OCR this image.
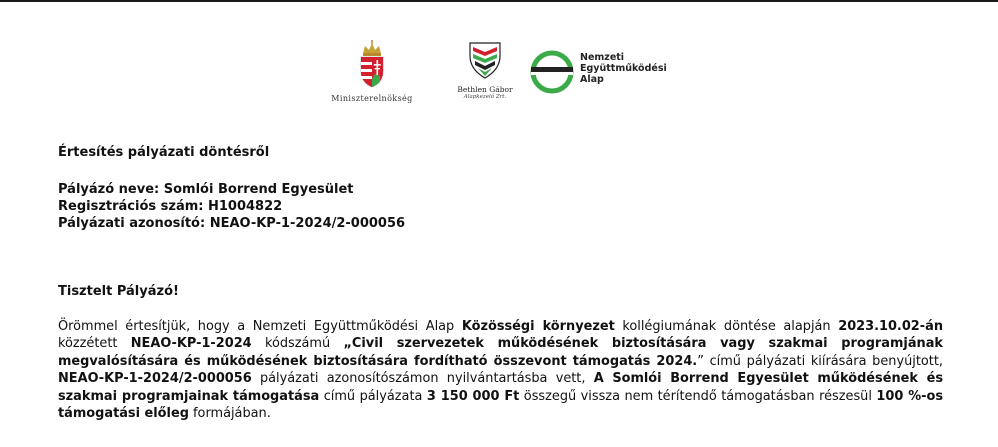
Miniszterelnökség
Bethlen Gábor
Alapkezelő Zrt.
Nemzeti
Együttműködési
Alap
Értesítés pályázati döntésről
Pályázó neve: Somlói Borrend Egyesület
Regisztrációs szám: H1004822
Pályázati azonosító: NEAO-KP-1-2024/2-000056
Tisztelt Pályázó!
Örömmel értesítjük, hogy a Nemzeti Együttműködési Alap Közösségi környezet kollégiumának döntése alapján 2023.10.02-án közzétett NEAO-KP-1-2024 kódszámú „Civil szervezetek működésének biztosítására vagy szakmai programjának megvalósítására és működésének biztosítására fordítható összevont támogatás 2024.” című pályázati kiírására benyújtott, NEAO-KP-1-2024/2-000056 pályázati azonosítószámon nyilvántartásba vett, A Somlói Borrend Egyesület működésének és szakmai programjainak támogatása című pályázata 3 150 000 Ft összegű vissza nem térítendő támogatásban részesül 100 %-os támogatási előleg formájában.
